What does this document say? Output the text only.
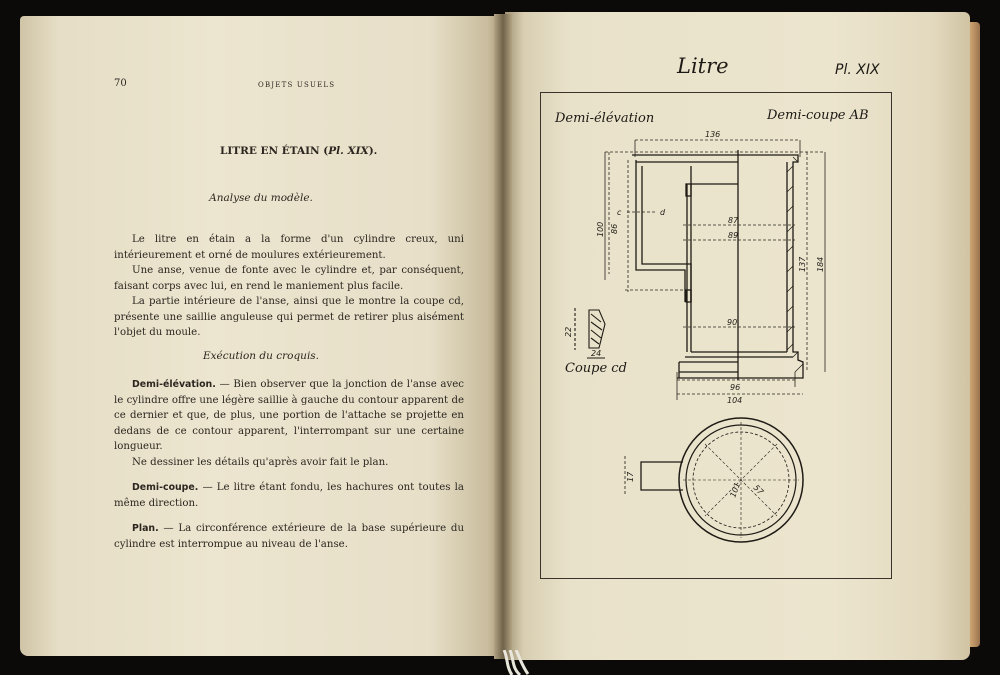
70	OBJETS USUELS
LITRE EN ÉTAIN (Pl. XIX).
Analyse du modèle.

Le litre en étain a la forme d'un cylindre creux, uni intérieurement et orné de moulures extérieurement.

Une anse, venue de fonte avec le cylindre et, par conséquent, faisant corps avec lui, en rend le maniement plus facile.

La partie intérieure de l'anse, ainsi que le montre la coupe cd, présente une saillie anguleuse qui permet de retirer plus aisément l'objet du moule.

Exécution du croquis.

Demi-élévation. — Bien observer que la jonction de l'anse avec le cylindre offre une légère saillie à gauche du contour apparent de ce dernier et que, de plus, une portion de l'attache se projette en dedans de ce contour apparent, l'interrompant sur une certaine longueur.

Ne dessiner les détails qu'après avoir fait le plan.

Demi-coupe. — Le litre étant fondu, les hachures ont toutes la même direction.

Plan. — La circonférence extérieure de la base supérieure du cylindre est interrompue au niveau de l'anse.

Litre	Pl. XIX
Demi-élévation	Demi-coupe AB
136
d
c
87
89
90
96
104
100 86
137 184
22
24
Coupe cd
17
101 57
